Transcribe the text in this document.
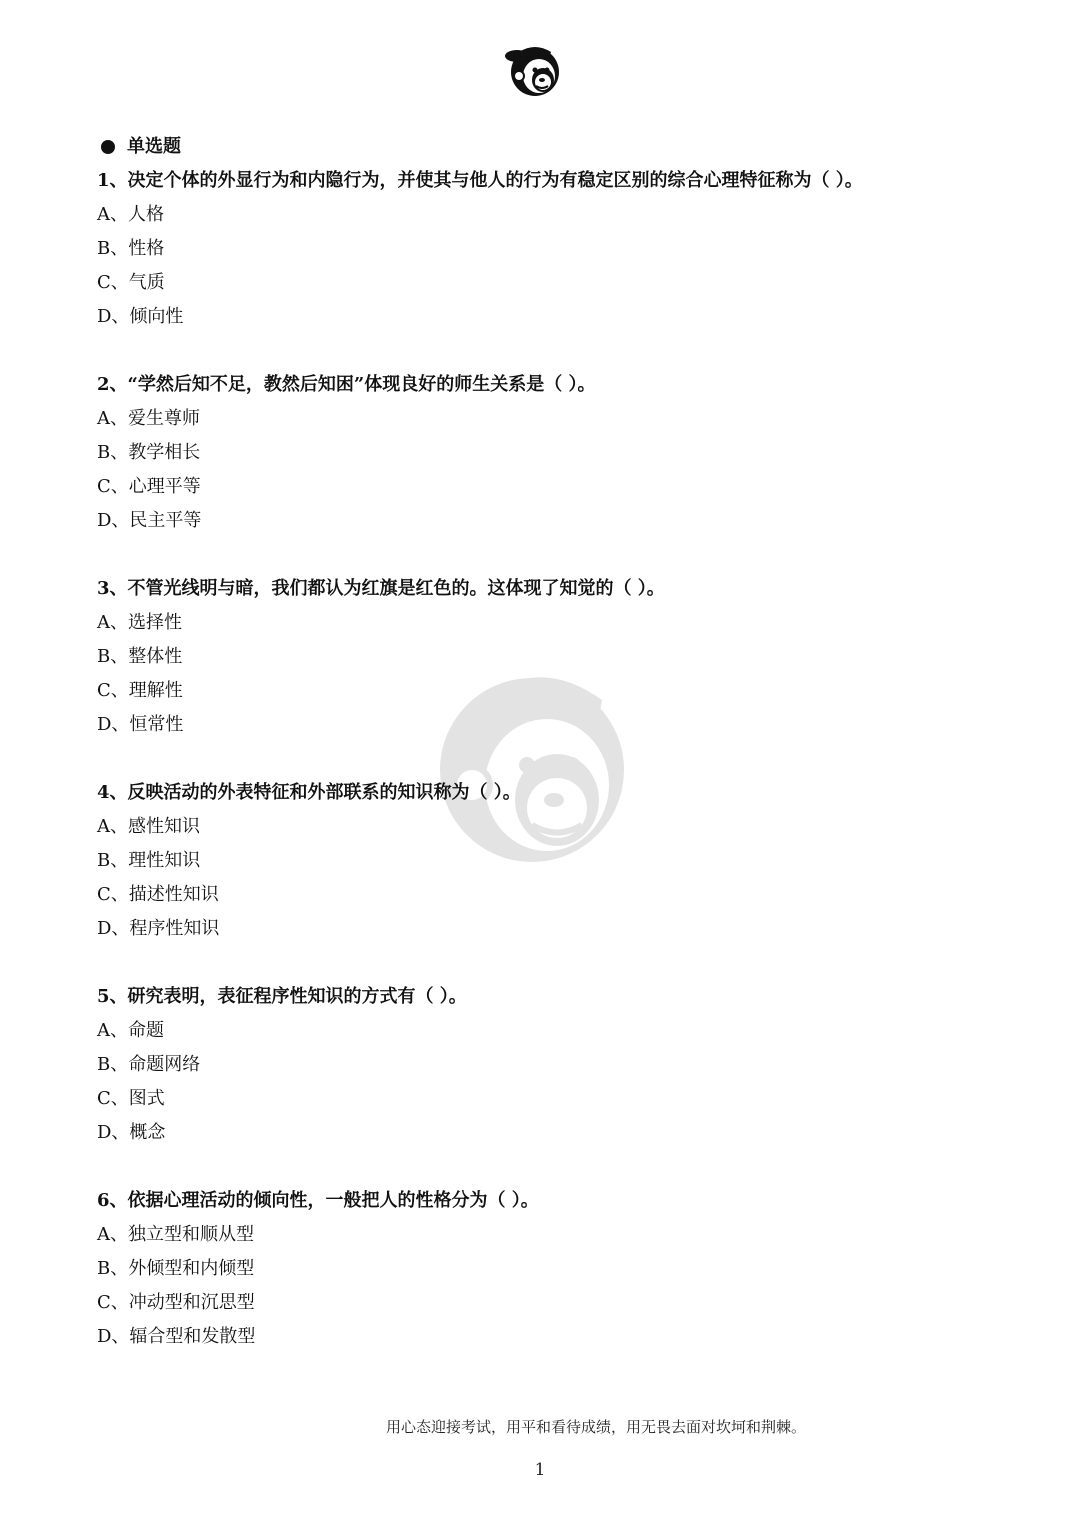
单选题
1、决定个体的外显行为和内隐行为，并使其与他人的行为有稳定区别的综合心理特征称为（ ）。
A、人格
B、性格
C、气质
D、倾向性
2、“学然后知不足，教然后知困”体现良好的师生关系是（ ）。
A、爱生尊师
B、教学相长
C、心理平等
D、民主平等
3、不管光线明与暗，我们都认为红旗是红色的。这体现了知觉的（ ）。
A、选择性
B、整体性
C、理解性
D、恒常性
4、反映活动的外表特征和外部联系的知识称为（ ）。
A、感性知识
B、理性知识
C、描述性知识
D、程序性知识
5、研究表明，表征程序性知识的方式有（ ）。
A、命题
B、命题网络
C、图式
D、概念
6、依据心理活动的倾向性，一般把人的性格分为（ ）。
A、独立型和顺从型
B、外倾型和内倾型
C、冲动型和沉思型
D、辐合型和发散型
用心态迎接考试，用平和看待成绩，用无畏去面对坎坷和荆棘。
1
